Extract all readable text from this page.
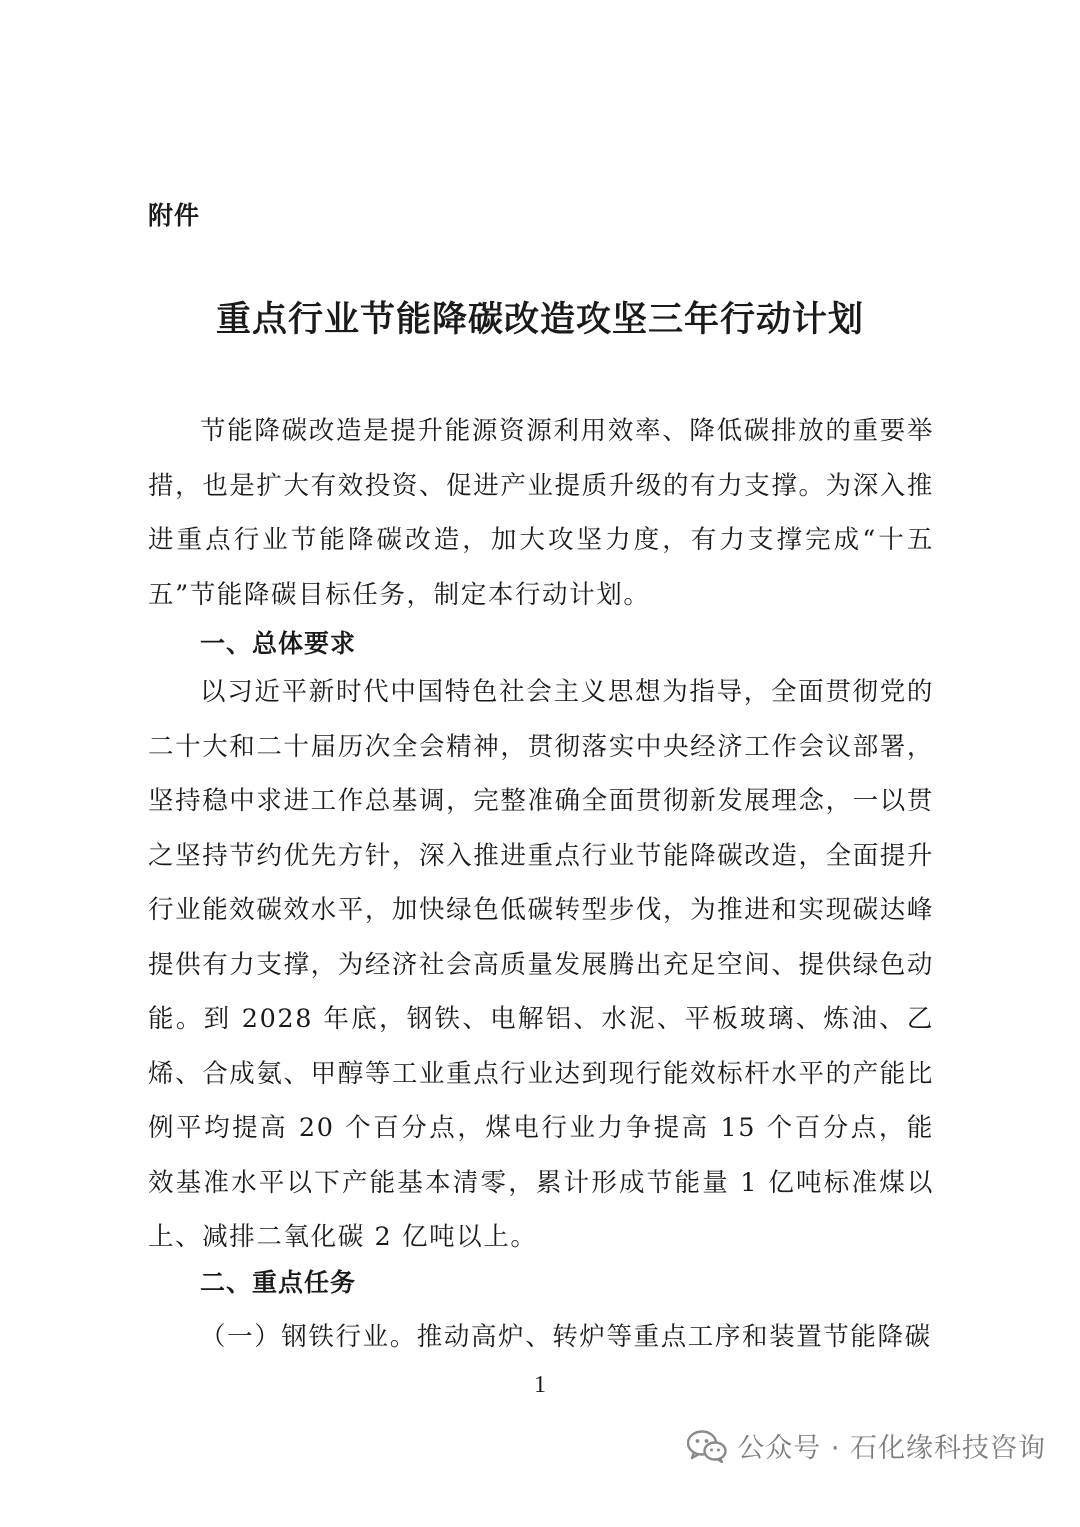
附件
重点行业节能降碳改造攻坚三年行动计划

节能降碳改造是提升能源资源利用效率、降低碳排放的重要举措，也是扩大有效投资、促进产业提质升级的有力支撑。为深入推进重点行业节能降碳改造，加大攻坚力度，有力支撑完成“十五五”节能降碳目标任务，制定本行动计划。

一、总体要求

以习近平新时代中国特色社会主义思想为指导，全面贯彻党的二十大和二十届历次全会精神，贯彻落实中央经济工作会议部署，坚持稳中求进工作总基调，完整准确全面贯彻新发展理念，一以贯之坚持节约优先方针，深入推进重点行业节能降碳改造，全面提升行业能效碳效水平，加快绿色低碳转型步伐，为推进和实现碳达峰提供有力支撑，为经济社会高质量发展腾出充足空间、提供绿色动能。到 2028 年底，钢铁、电解铝、水泥、平板玻璃、炼油、乙烯、合成氨、甲醇等工业重点行业达到现行能效标杆水平的产能比例平均提高 20 个百分点，煤电行业力争提高 15 个百分点，能效基准水平以下产能基本清零，累计形成节能量 1 亿吨标准煤以上、减排二氧化碳 2 亿吨以上。

二、重点任务

（一）钢铁行业。推动高炉、转炉等重点工序和装置节能降碳

1
公众号 · 石化缘科技咨询
